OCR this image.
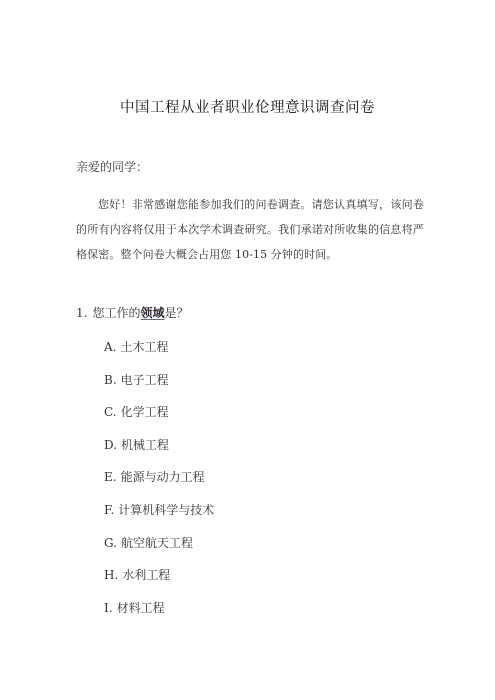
中国工程从业者职业伦理意识调查问卷
亲爱的同学：
您好！非常感谢您能参加我们的问卷调查。请您认真填写，该问卷的所有内容将仅用于本次学术调查研究。我们承诺对所收集的信息将严格保密。整个问卷大概会占用您 10-15 分钟的时间。
1. 您工作的领域是？
A. 土木工程
B. 电子工程
C. 化学工程
D. 机械工程
E. 能源与动力工程
F. 计算机科学与技术
G. 航空航天工程
H. 水利工程
I. 材料工程
